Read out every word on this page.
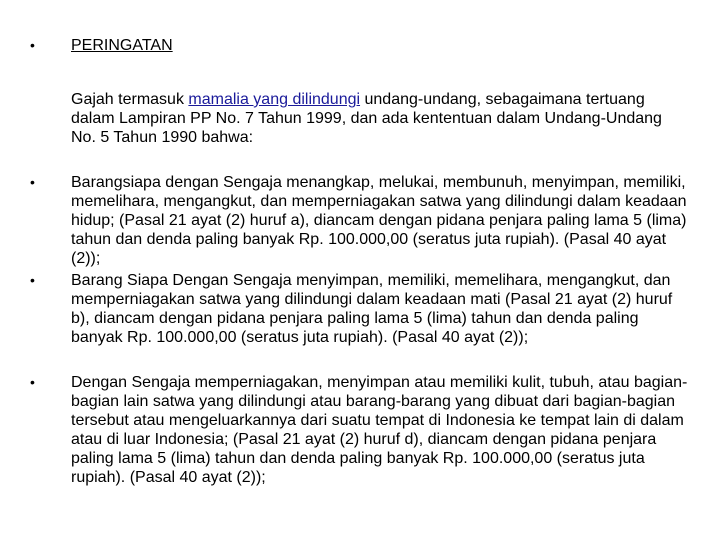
• PERINGATAN
Gajah termasuk mamalia yang dilindungi undang-undang, sebagaimana tertuang dalam Lampiran PP No. 7 Tahun 1999, dan ada kententuan dalam Undang-Undang No. 5 Tahun 1990 bahwa:
• Barangsiapa dengan Sengaja menangkap, melukai, membunuh, menyimpan, memiliki, memelihara, mengangkut, dan memperniagakan satwa yang dilindungi dalam keadaan hidup; (Pasal 21 ayat (2) huruf a), diancam dengan pidana penjara paling lama 5 (lima) tahun dan denda paling banyak Rp. 100.000,00 (seratus juta rupiah). (Pasal 40 ayat (2));
• Barang Siapa Dengan Sengaja menyimpan, memiliki, memelihara, mengangkut, dan memperniagakan satwa yang dilindungi dalam keadaan mati (Pasal 21 ayat (2) huruf b), diancam dengan pidana penjara paling lama 5 (lima) tahun dan denda paling banyak Rp. 100.000,00 (seratus juta rupiah). (Pasal 40 ayat (2));
• Dengan Sengaja memperniagakan, menyimpan atau memiliki kulit, tubuh, atau bagian-bagian lain satwa yang dilindungi atau barang-barang yang dibuat dari bagian-bagian tersebut atau mengeluarkannya dari suatu tempat di Indonesia ke tempat lain di dalam atau di luar Indonesia; (Pasal 21 ayat (2) huruf d), diancam dengan pidana penjara paling lama 5 (lima) tahun dan denda paling banyak Rp. 100.000,00 (seratus juta rupiah). (Pasal 40 ayat (2));
